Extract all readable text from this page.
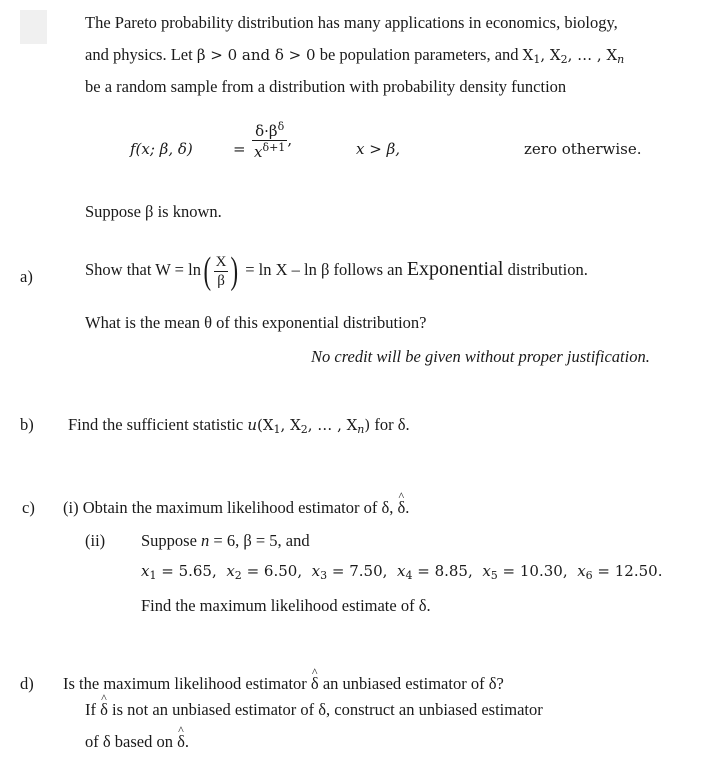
The Pareto probability distribution has many applications in economics, biology,
and physics. Let β > 0 and δ > 0 be population parameters, and $X_1$, $X_2$, … , $X_n$
be a random sample from a distribution with probability density function
f(x; β, δ)	= $\frac{\delta\cdot\beta^\delta}{x^{\delta+1}}$ ,
x > β,	zero otherwise.
Suppose β is known.
a)	Show that $W = \ln( \frac{X}{\beta}$ ) = ln X – ln β follows an Exponential distribution.
What is the mean θ of this exponential distribution?
No credit will be given without proper justification.
b) Find the sufficient statistic $u(X_1$, $X_2$, … , $X_n$) for δ.
c) (i) Obtain the maximum likelihood estimator of δ, ^ δ.
(ii) Suppose n = 6, β = 5, and
$x_1 = 5.65$, $x_2 = 6.50$, $x_3 = 7.50$, $x_4 = 8.85$, $x_5 = 10.30$, $x_6 = 12.50$.
Find the maximum likelihood estimate of δ.
d) Is the maximum likelihood estimator ^ δ an unbiased estimator of δ?
If ^ δ is not an unbiased estimator of δ, construct an unbiased estimator
of δ based on ^ δ.
